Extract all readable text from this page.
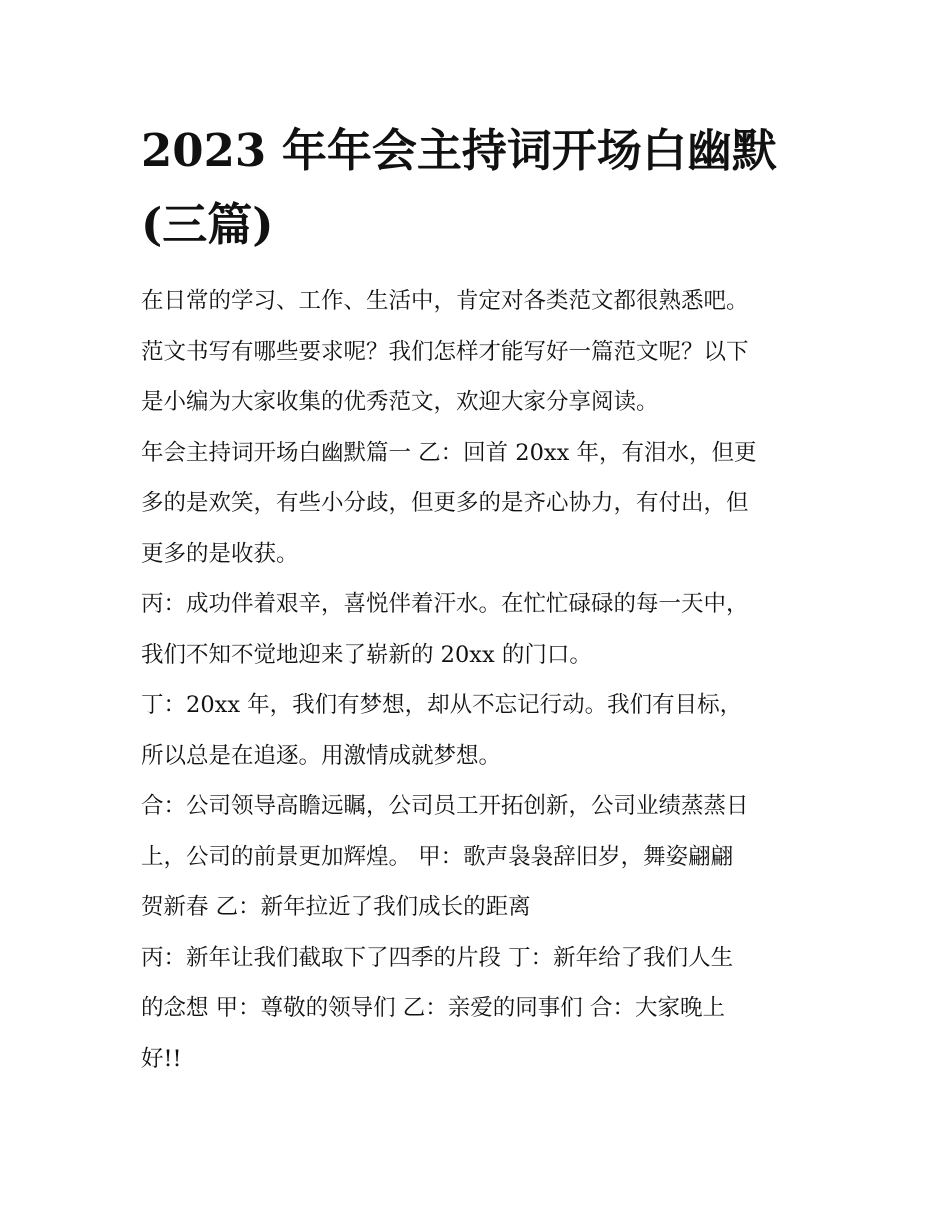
2023 年年会主持词开场白幽默
(三篇)

在日常的学习、工作、生活中，肯定对各类范文都很熟悉吧。
范文书写有哪些要求呢？我们怎样才能写好一篇范文呢？以下
是小编为大家收集的优秀范文，欢迎大家分享阅读。

年会主持词开场白幽默篇一 乙：回首 20xx 年，有泪水，但更
多的是欢笑，有些小分歧，但更多的是齐心协力，有付出，但
更多的是收获。

丙：成功伴着艰辛，喜悦伴着汗水。在忙忙碌碌的每一天中，
我们不知不觉地迎来了崭新的 20xx 的门口。

丁：20xx 年，我们有梦想，却从不忘记行动。我们有目标，
所以总是在追逐。用激情成就梦想。

合：公司领导高瞻远瞩，公司员工开拓创新，公司业绩蒸蒸日
上，公司的前景更加辉煌。 甲：歌声袅袅辞旧岁，舞姿翩翩
贺新春 乙：新年拉近了我们成长的距离

丙：新年让我们截取下了四季的片段 丁：新年给了我们人生
的念想 甲：尊敬的领导们 乙：亲爱的同事们 合：大家晚上
好!!
